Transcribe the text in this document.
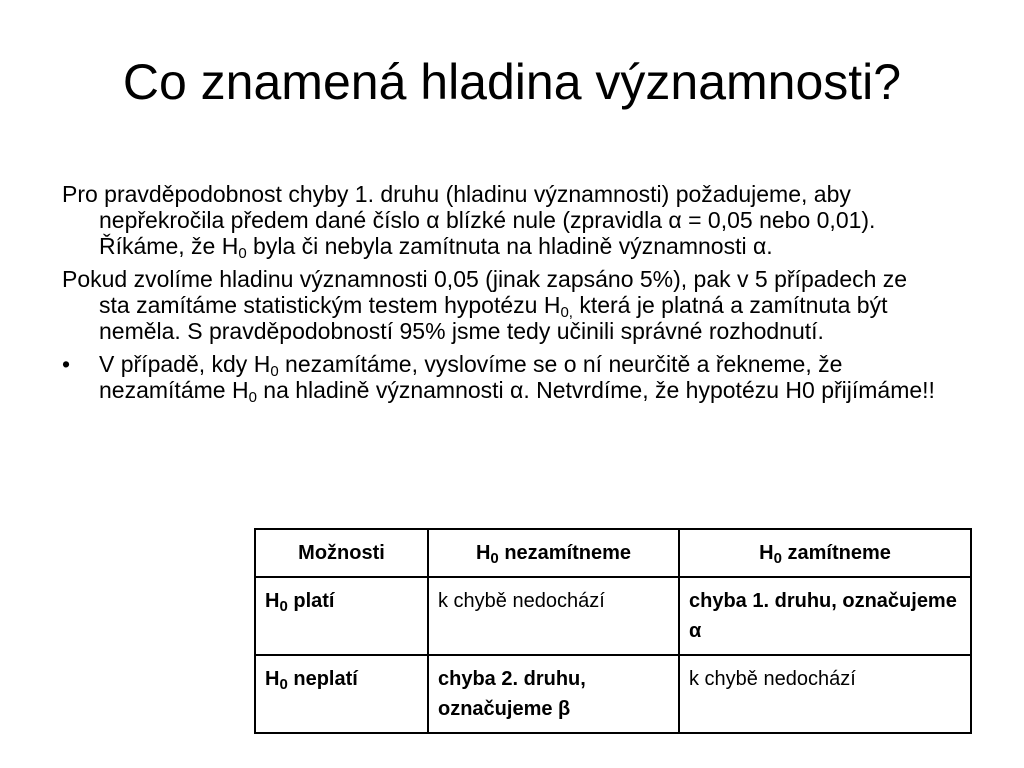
Co znamená hladina významnosti?

Pro pravděpodobnost chyby 1. druhu (hladinu významnosti) požadujeme, aby nepřekročila předem dané číslo α blízké nule (zpravidla α = 0,05 nebo 0,01). Říkáme, že $H_0$ byla či nebyla zamítnuta na hladině významnosti α.

Pokud zvolíme hladinu významnosti 0,05 (jinak zapsáno 5%), pak v 5 případech ze sta zamítáme statistickým testem hypotézu $H_{0,}$ která je platná a zamítnuta být neměla. S pravděpodobností 95% jsme tedy učinili správné rozhodnutí.

• V případě, kdy $H_0$ nezamítáme, vyslovíme se o ní neurčitě a řekneme, že nezamítáme $H_0$ na hladině významnosti α. Netvrdíme, že hypotézu H0 přijímáme!!

Možnosti	$H_0$ nezamítneme	$H_0$ zamítneme
$H_0$ platí	k chybě nedochází	chyba 1. druhu, označujeme α
$H_0$ neplatí	chyba 2. druhu, označujeme β	k chybě nedochází
